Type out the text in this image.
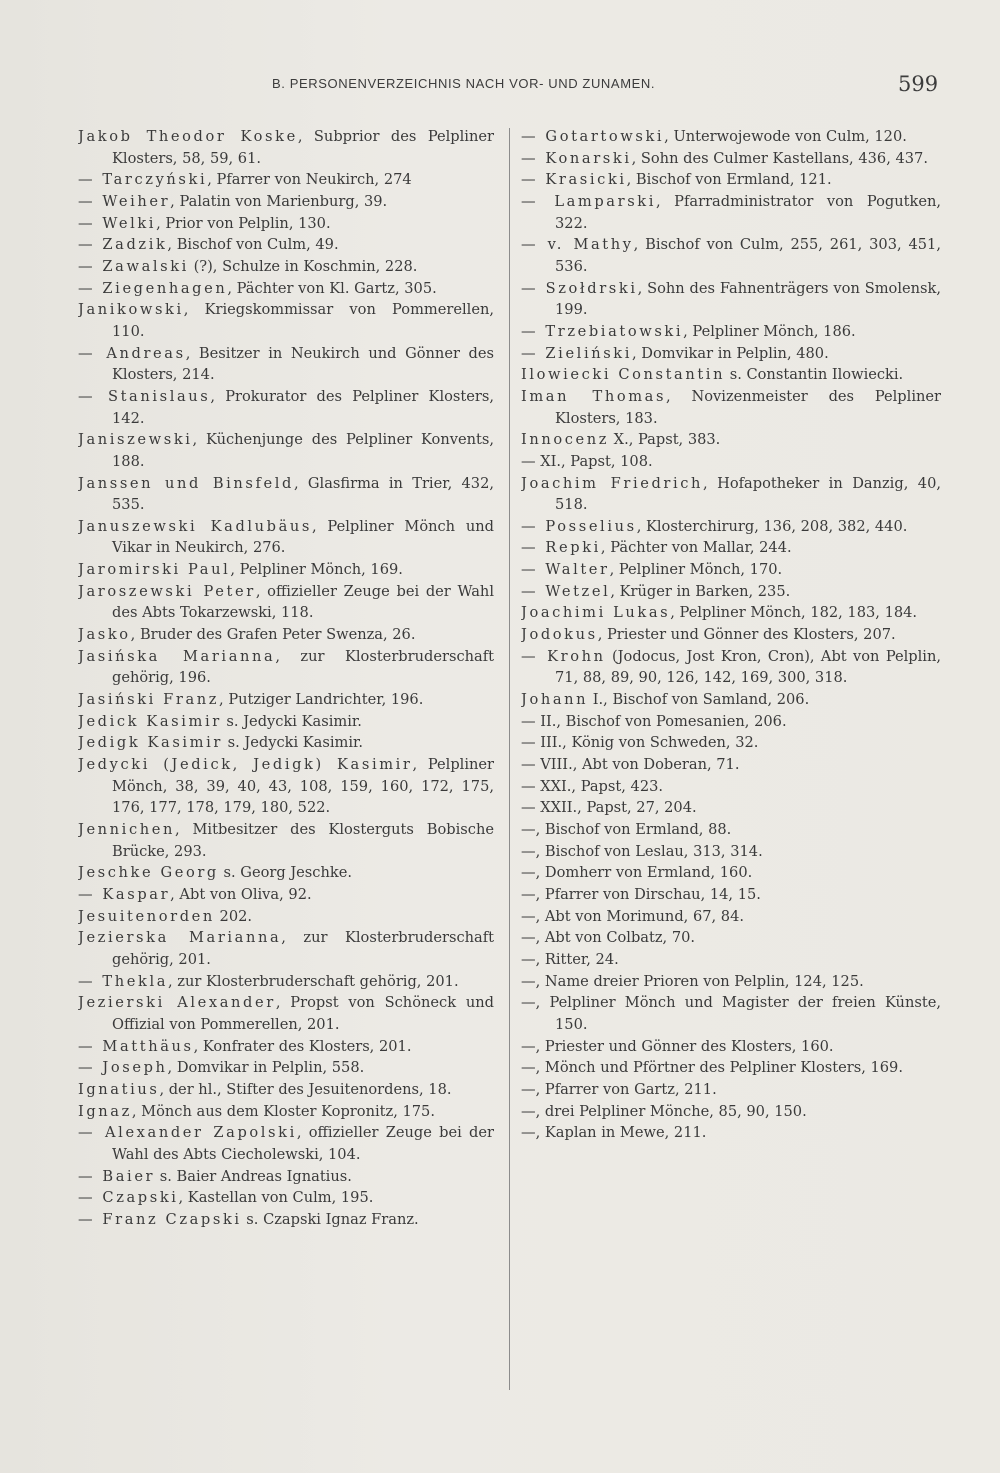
B. PERSONENVERZEICHNIS NACH VOR- UND ZUNAMEN.	599

Jakob Theodor Koske, Subprior des Pelpliner Klosters, 58, 59, 61.

— Tarczyński, Pfarrer von Neukirch, 274

— Weiher, Palatin von Marienburg, 39.

— Welki, Prior von Pelplin, 130.

— Zadzik, Bischof von Culm, 49.

— Zawalski (?), Schulze in Koschmin, 228.

— Ziegenhagen, Pächter von Kl. Gartz, 305.

Janikowski, Kriegskommissar von Pommerellen, 110.

— Andreas, Besitzer in Neukirch und Gönner des Klosters, 214.

— Stanislaus, Prokurator des Pelpliner Klosters, 142.

Janiszewski, Küchenjunge des Pelpliner Konvents, 188.

Janssen und Binsfeld, Glasfirma in Trier, 432, 535.

Januszewski Kadlubäus, Pelpliner Mönch und Vikar in Neukirch, 276.

Jaromirski Paul, Pelpliner Mönch, 169.

Jaroszewski Peter, offizieller Zeuge bei der Wahl des Abts Tokarzewski, 118.

Jasko, Bruder des Grafen Peter Swenza, 26.

Jasińska Marianna, zur Klosterbruderschaft gehörig, 196.

Jasiński Franz, Putziger Landrichter, 196.

Jedick Kasimir s. Jedycki Kasimir.

Jedigk Kasimir s. Jedycki Kasimir.

Jedycki (Jedick, Jedigk) Kasimir, Pelpliner Mönch, 38, 39, 40, 43, 108, 159, 160, 172, 175, 176, 177, 178, 179, 180, 522.

Jennichen, Mitbesitzer des Klosterguts Bobische Brücke, 293.

Jeschke Georg s. Georg Jeschke.

— Kaspar, Abt von Oliva, 92.

Jesuitenorden 202.

Jezierska Marianna, zur Klosterbruderschaft gehörig, 201.

— Thekla, zur Klosterbruderschaft gehörig, 201.

Jezierski Alexander, Propst von Schöneck und Offizial von Pommerellen, 201.

— Matthäus, Konfrater des Klosters, 201.

— Joseph, Domvikar in Pelplin, 558.

Ignatius, der hl., Stifter des Jesuitenordens, 18.

Ignaz, Mönch aus dem Kloster Kopronitz, 175.

— Alexander Zapolski, offizieller Zeuge bei der Wahl des Abts Ciecholewski, 104.

— Baier s. Baier Andreas Ignatius.

— Czapski, Kastellan von Culm, 195.

— Franz Czapski s. Czapski Ignaz Franz.

— Gotartowski, Unterwojewode von Culm, 120.

— Konarski, Sohn des Culmer Kastellans, 436, 437.

— Krasicki, Bischof von Ermland, 121.

— Lamparski, Pfarradministrator von Pogutken, 322.

— v. Mathy, Bischof von Culm, 255, 261, 303, 451, 536.

— Szołdrski, Sohn des Fahnenträgers von Smolensk, 199.

— Trzebiatowski, Pelpliner Mönch, 186.

— Zieliński, Domvikar in Pelplin, 480.

Ilowiecki Constantin s. Constantin Ilowiecki.

Iman Thomas, Novizenmeister des Pelpliner Klosters, 183.

Innocenz X., Papst, 383.

— XI., Papst, 108.

Joachim Friedrich, Hofapotheker in Danzig, 40, 518.

— Posselius, Klosterchirurg, 136, 208, 382, 440.

— Repki, Pächter von Mallar, 244.

— Walter, Pelpliner Mönch, 170.

— Wetzel, Krüger in Barken, 235.

Joachimi Lukas, Pelpliner Mönch, 182, 183, 184.

Jodokus, Priester und Gönner des Klosters, 207.

— Krohn (Jodocus, Jost Kron, Cron), Abt von Pelplin, 71, 88, 89, 90, 126, 142, 169, 300, 318.

Johann I., Bischof von Samland, 206.

— II., Bischof von Pomesanien, 206.

— III., König von Schweden, 32.

— VIII., Abt von Doberan, 71.

— XXI., Papst, 423.

— XXII., Papst, 27, 204.

—, Bischof von Ermland, 88.

—, Bischof von Leslau, 313, 314.

—, Domherr von Ermland, 160.

—, Pfarrer von Dirschau, 14, 15.

—, Abt von Morimund, 67, 84.

—, Abt von Colbatz, 70.

—, Ritter, 24.

—, Name dreier Prioren von Pelplin, 124, 125.

—, Pelpliner Mönch und Magister der freien Künste, 150.

—, Priester und Gönner des Klosters, 160.

—, Mönch und Pförtner des Pelpliner Klosters, 169.

—, Pfarrer von Gartz, 211.

—, drei Pelpliner Mönche, 85, 90, 150.

—, Kaplan in Mewe, 211.
